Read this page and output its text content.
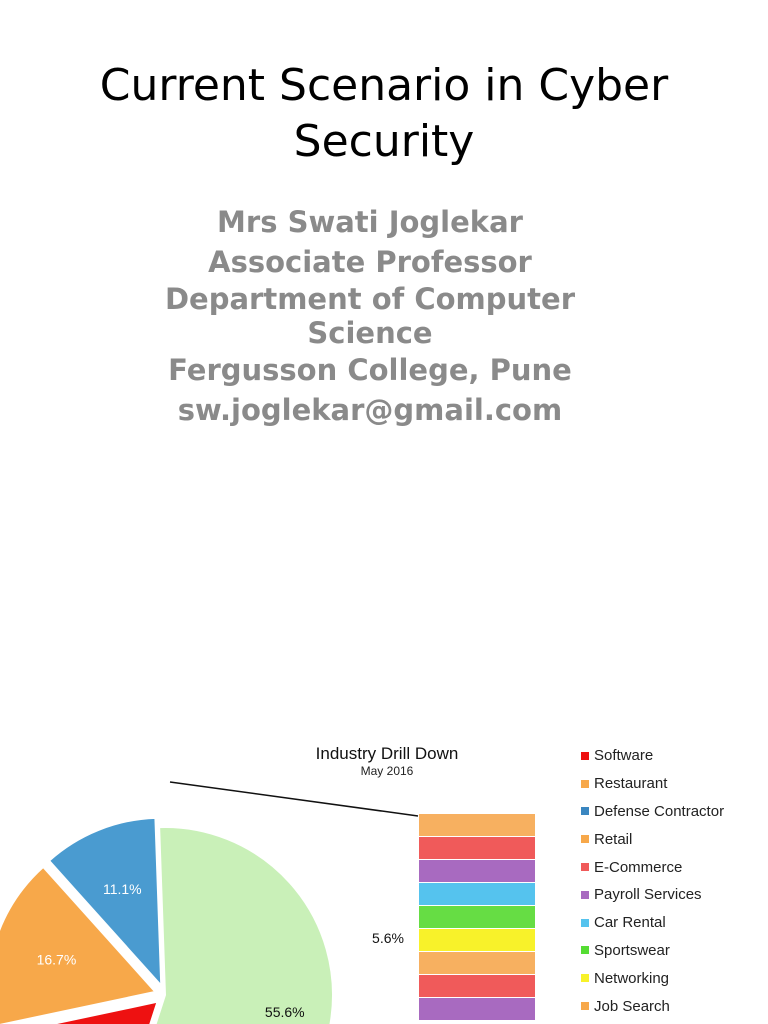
Current Scenario in Cyber
Security
Mrs Swati Joglekar
Associate Professor
Department of Computer
Science
Fergusson College, Pune
sw.joglekar@gmail.com
Industry Drill Down
May 2016
55.6%
16.7%
11.1%
5.6%
Software
Restaurant
Defense Contractor
Retail
E-Commerce
Payroll Services
Car Rental
Sportswear
Networking
Job Search
